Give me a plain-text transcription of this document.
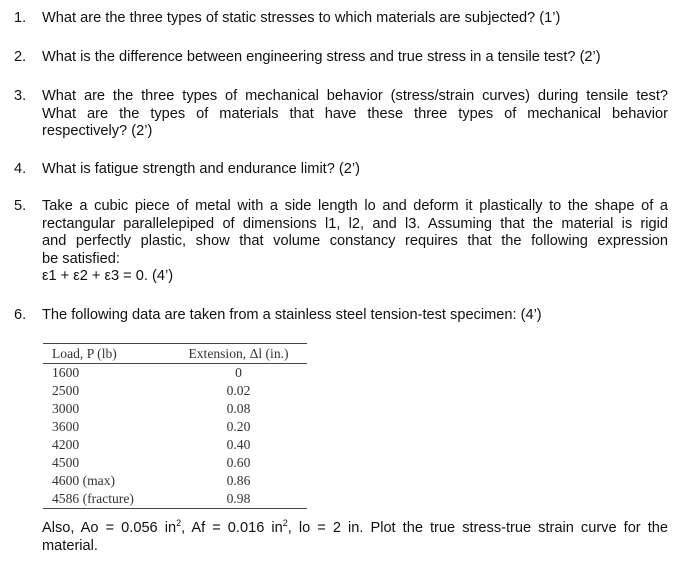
1. What are the three types of static stresses to which materials are subjected? (1’)
2. What is the difference between engineering stress and true stress in a tensile test? (2’)
3. What are the three types of mechanical behavior (stress/strain curves) during tensile test?
What are the types of materials that have these three types of mechanical behavior
respectively? (2’)
4. What is fatigue strength and endurance limit? (2’)
5. Take a cubic piece of metal with a side length lo and deform it plastically to the shape of a
rectangular parallelepiped of dimensions l1, l2, and l3. Assuming that the material is rigid
and perfectly plastic, show that volume constancy requires that the following expression
be satisfied:
ε1 + ε2 + ε3 = 0. (4’)
6. The following data are taken from a stainless steel tension-test specimen: (4’)
Load, P (lb)	Extension, Δl (in.)
1600	0
2500	0.02
3000	0.08
3600	0.20
4200	0.40
4500	0.60
4600 (max)	0.86
4586 (fracture)	0.98
Also, Ao = 0.056 $in^2$, Af = 0.016 $in^2$, lo = 2 in. Plot the true stress-true strain curve for the
material.
